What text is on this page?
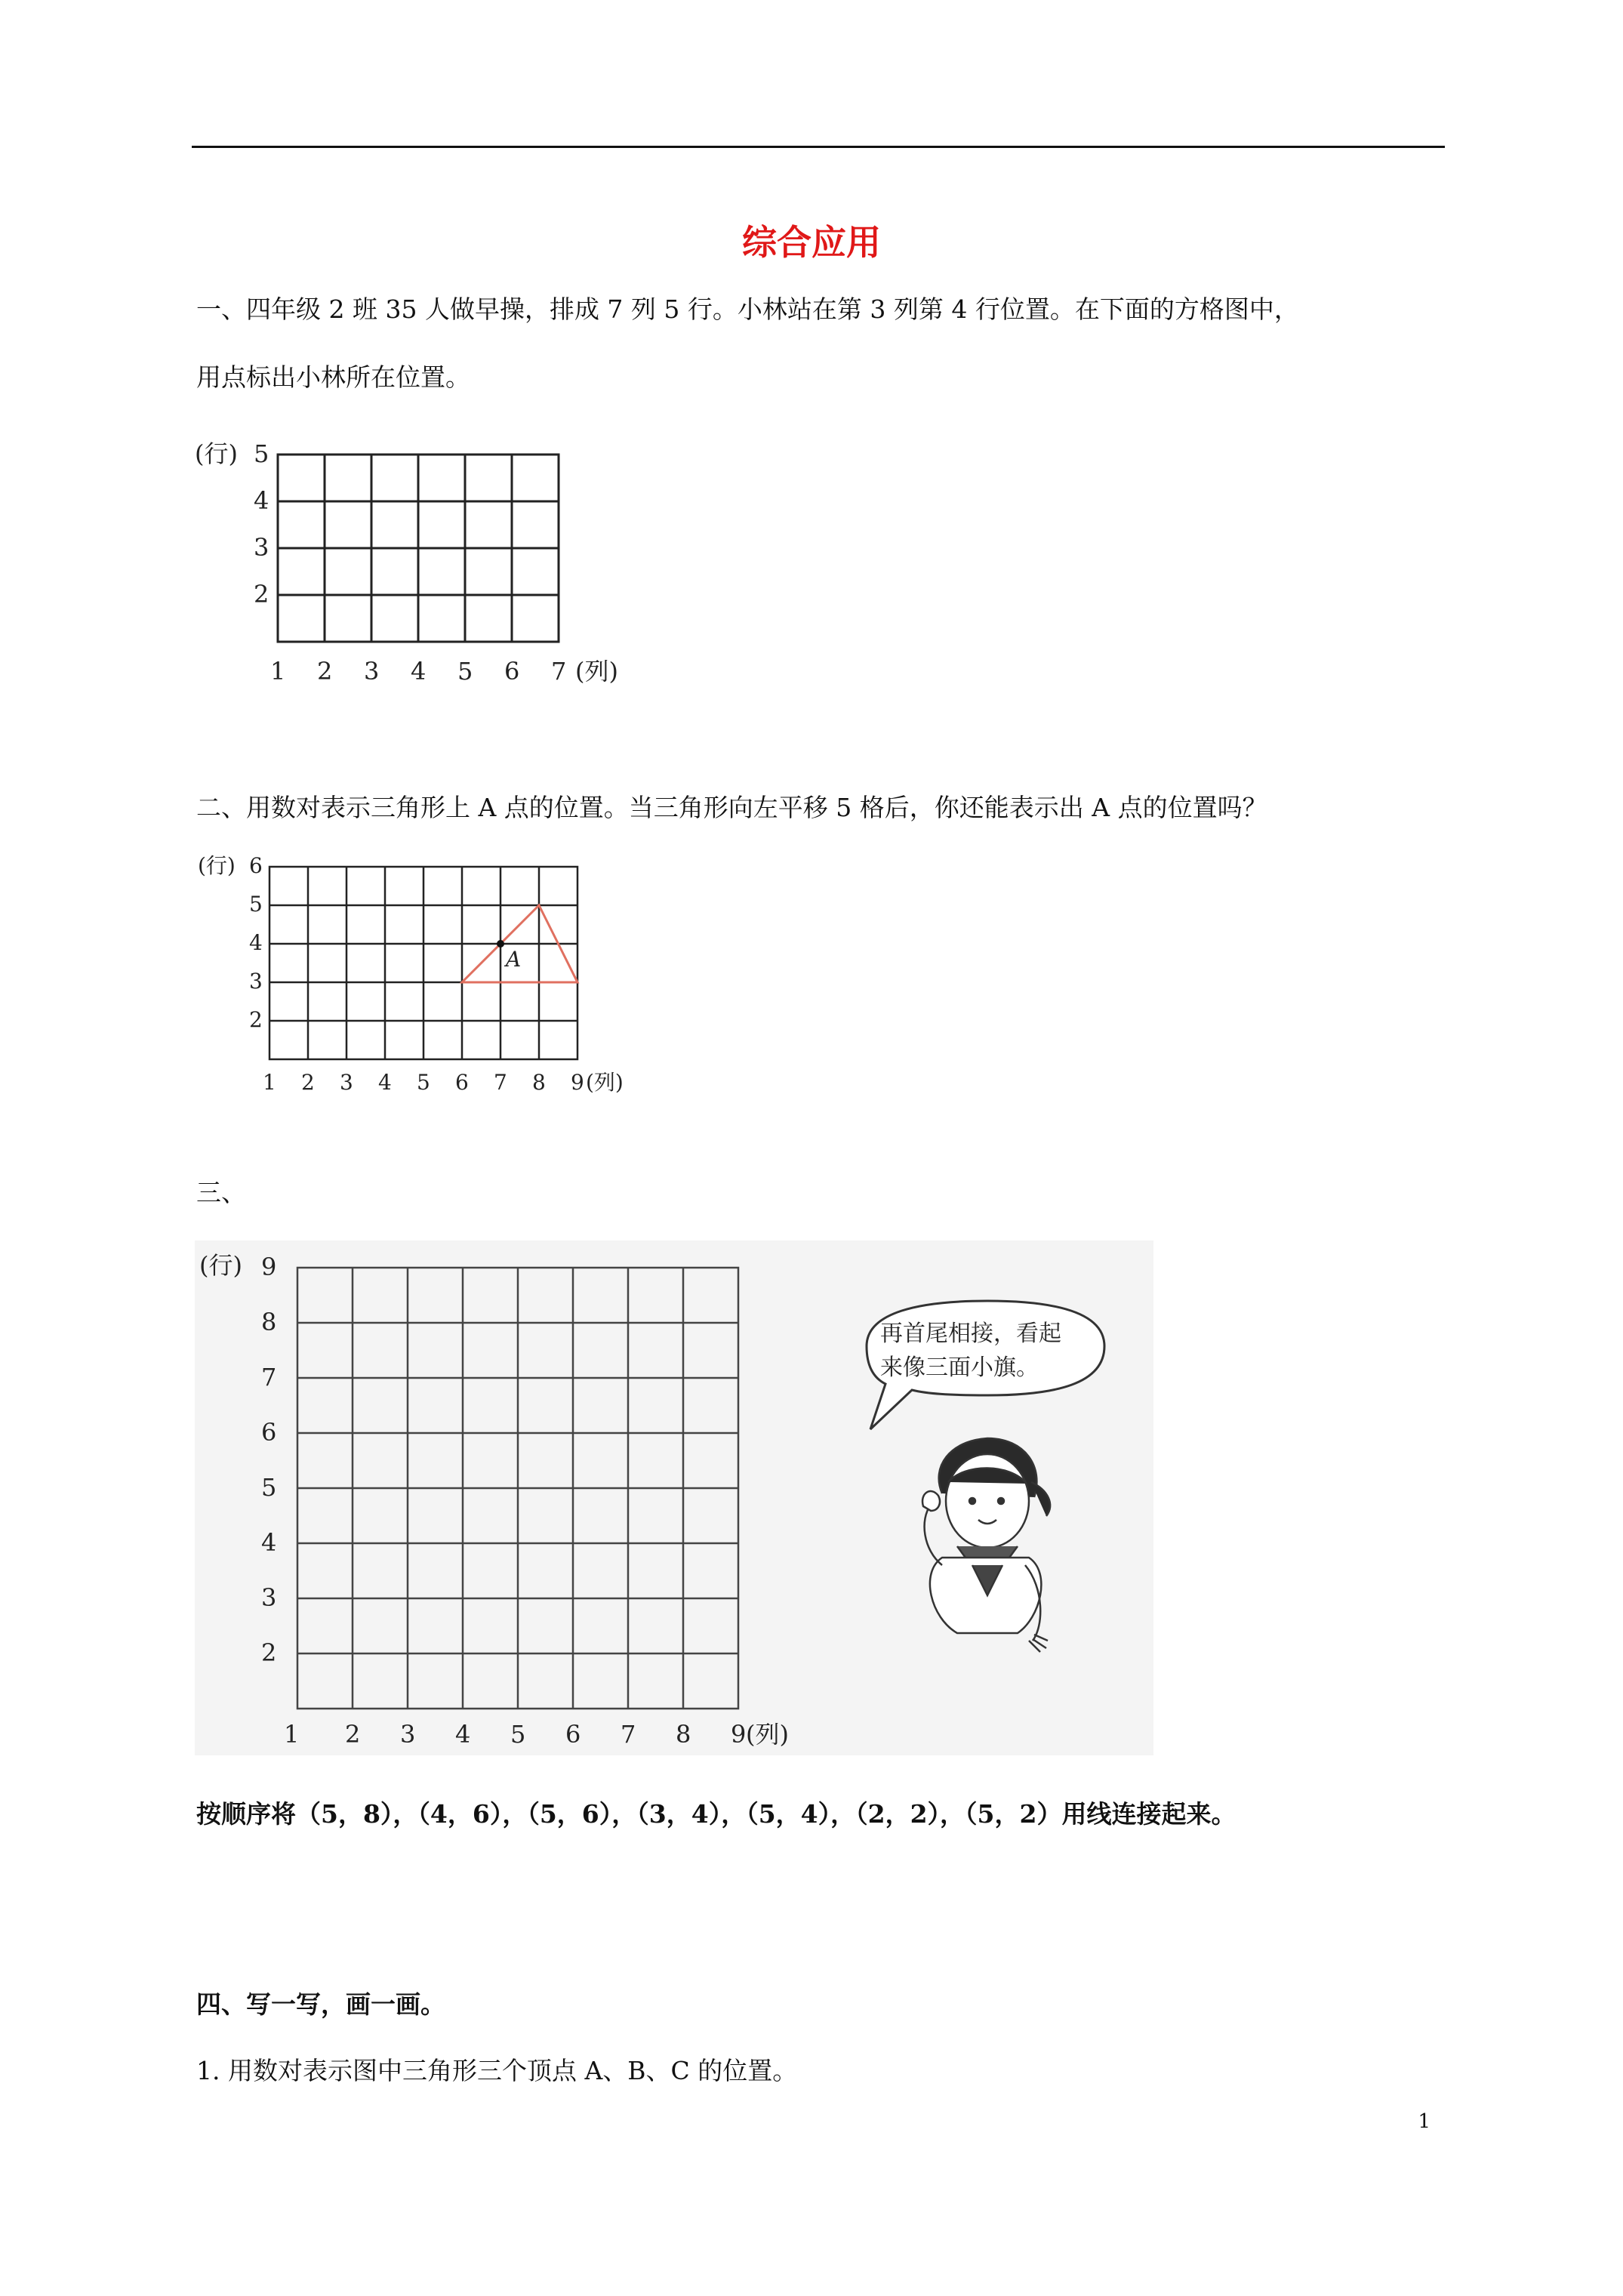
综合应用
一、四年级 2 班 35 人做早操，排成 7 列 5 行。小林站在第 3 列第 4 行位置。在下面的方格图中，
用点标出小林所在位置。
(行) 5
4
3
2
1 2 3 4 5 6 7 (列)
二、用数对表示三角形上 A 点的位置。当三角形向左平移 5 格后，你还能表示出 A 点的位置吗？
(行)
A
6
5
4
3
2
1 2 3 4 5 6 7 8 9 (列)
三、
(行) 9
8
7
6
5
4
3
2
1 2 3 4 5 6 7 8 9 (列)
再首尾相接，看起
来像三面小旗。
按顺序将（5，8），（4，6），（5，6），（3，4），（5，4），（2，2），（5，2）用线连接起来。
四、写一写，画一画。
1. 用数对表示图中三角形三个顶点 A、B、C 的位置。
1
